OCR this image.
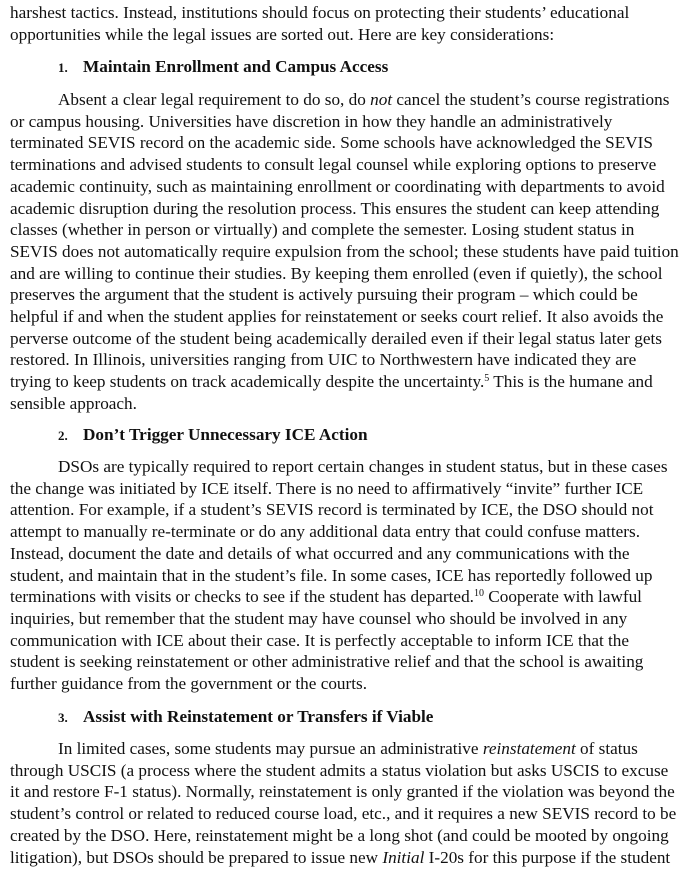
harshest tactics. Instead, institutions should focus on protecting their students’ educational
opportunities while the legal issues are sorted out. Here are key considerations:
1. Maintain Enrollment and Campus Access
Absent a clear legal requirement to do so, do not cancel the student’s course registrations
or campus housing. Universities have discretion in how they handle an administratively
terminated SEVIS record on the academic side. Some schools have acknowledged the SEVIS
terminations and advised students to consult legal counsel while exploring options to preserve
academic continuity, such as maintaining enrollment or coordinating with departments to avoid
academic disruption during the resolution process. This ensures the student can keep attending
classes (whether in person or virtually) and complete the semester. Losing student status in
SEVIS does not automatically require expulsion from the school; these students have paid tuition
and are willing to continue their studies. By keeping them enrolled (even if quietly), the school
preserves the argument that the student is actively pursuing their program – which could be
helpful if and when the student applies for reinstatement or seeks court relief. It also avoids the
perverse outcome of the student being academically derailed even if their legal status later gets
restored. In Illinois, universities ranging from UIC to Northwestern have indicated they are
trying to keep students on track academically despite the uncertainty.$^5$ This is the humane and
sensible approach.
2. Don’t Trigger Unnecessary ICE Action
DSOs are typically required to report certain changes in student status, but in these cases
the change was initiated by ICE itself. There is no need to affirmatively “invite” further ICE
attention. For example, if a student’s SEVIS record is terminated by ICE, the DSO should not
attempt to manually re-terminate or do any additional data entry that could confuse matters.
Instead, document the date and details of what occurred and any communications with the
student, and maintain that in the student’s file. In some cases, ICE has reportedly followed up
terminations with visits or checks to see if the student has departed.$^{10}$ Cooperate with lawful
inquiries, but remember that the student may have counsel who should be involved in any
communication with ICE about their case. It is perfectly acceptable to inform ICE that the
student is seeking reinstatement or other administrative relief and that the school is awaiting
further guidance from the government or the courts.
3. Assist with Reinstatement or Transfers if Viable
In limited cases, some students may pursue an administrative reinstatement of status
through USCIS (a process where the student admits a status violation but asks USCIS to excuse
it and restore F-1 status). Normally, reinstatement is only granted if the violation was beyond the
student’s control or related to reduced course load, etc., and it requires a new SEVIS record to be
created by the DSO. Here, reinstatement might be a long shot (and could be mooted by ongoing
litigation), but DSOs should be prepared to issue new Initial I-20s for this purpose if the student
